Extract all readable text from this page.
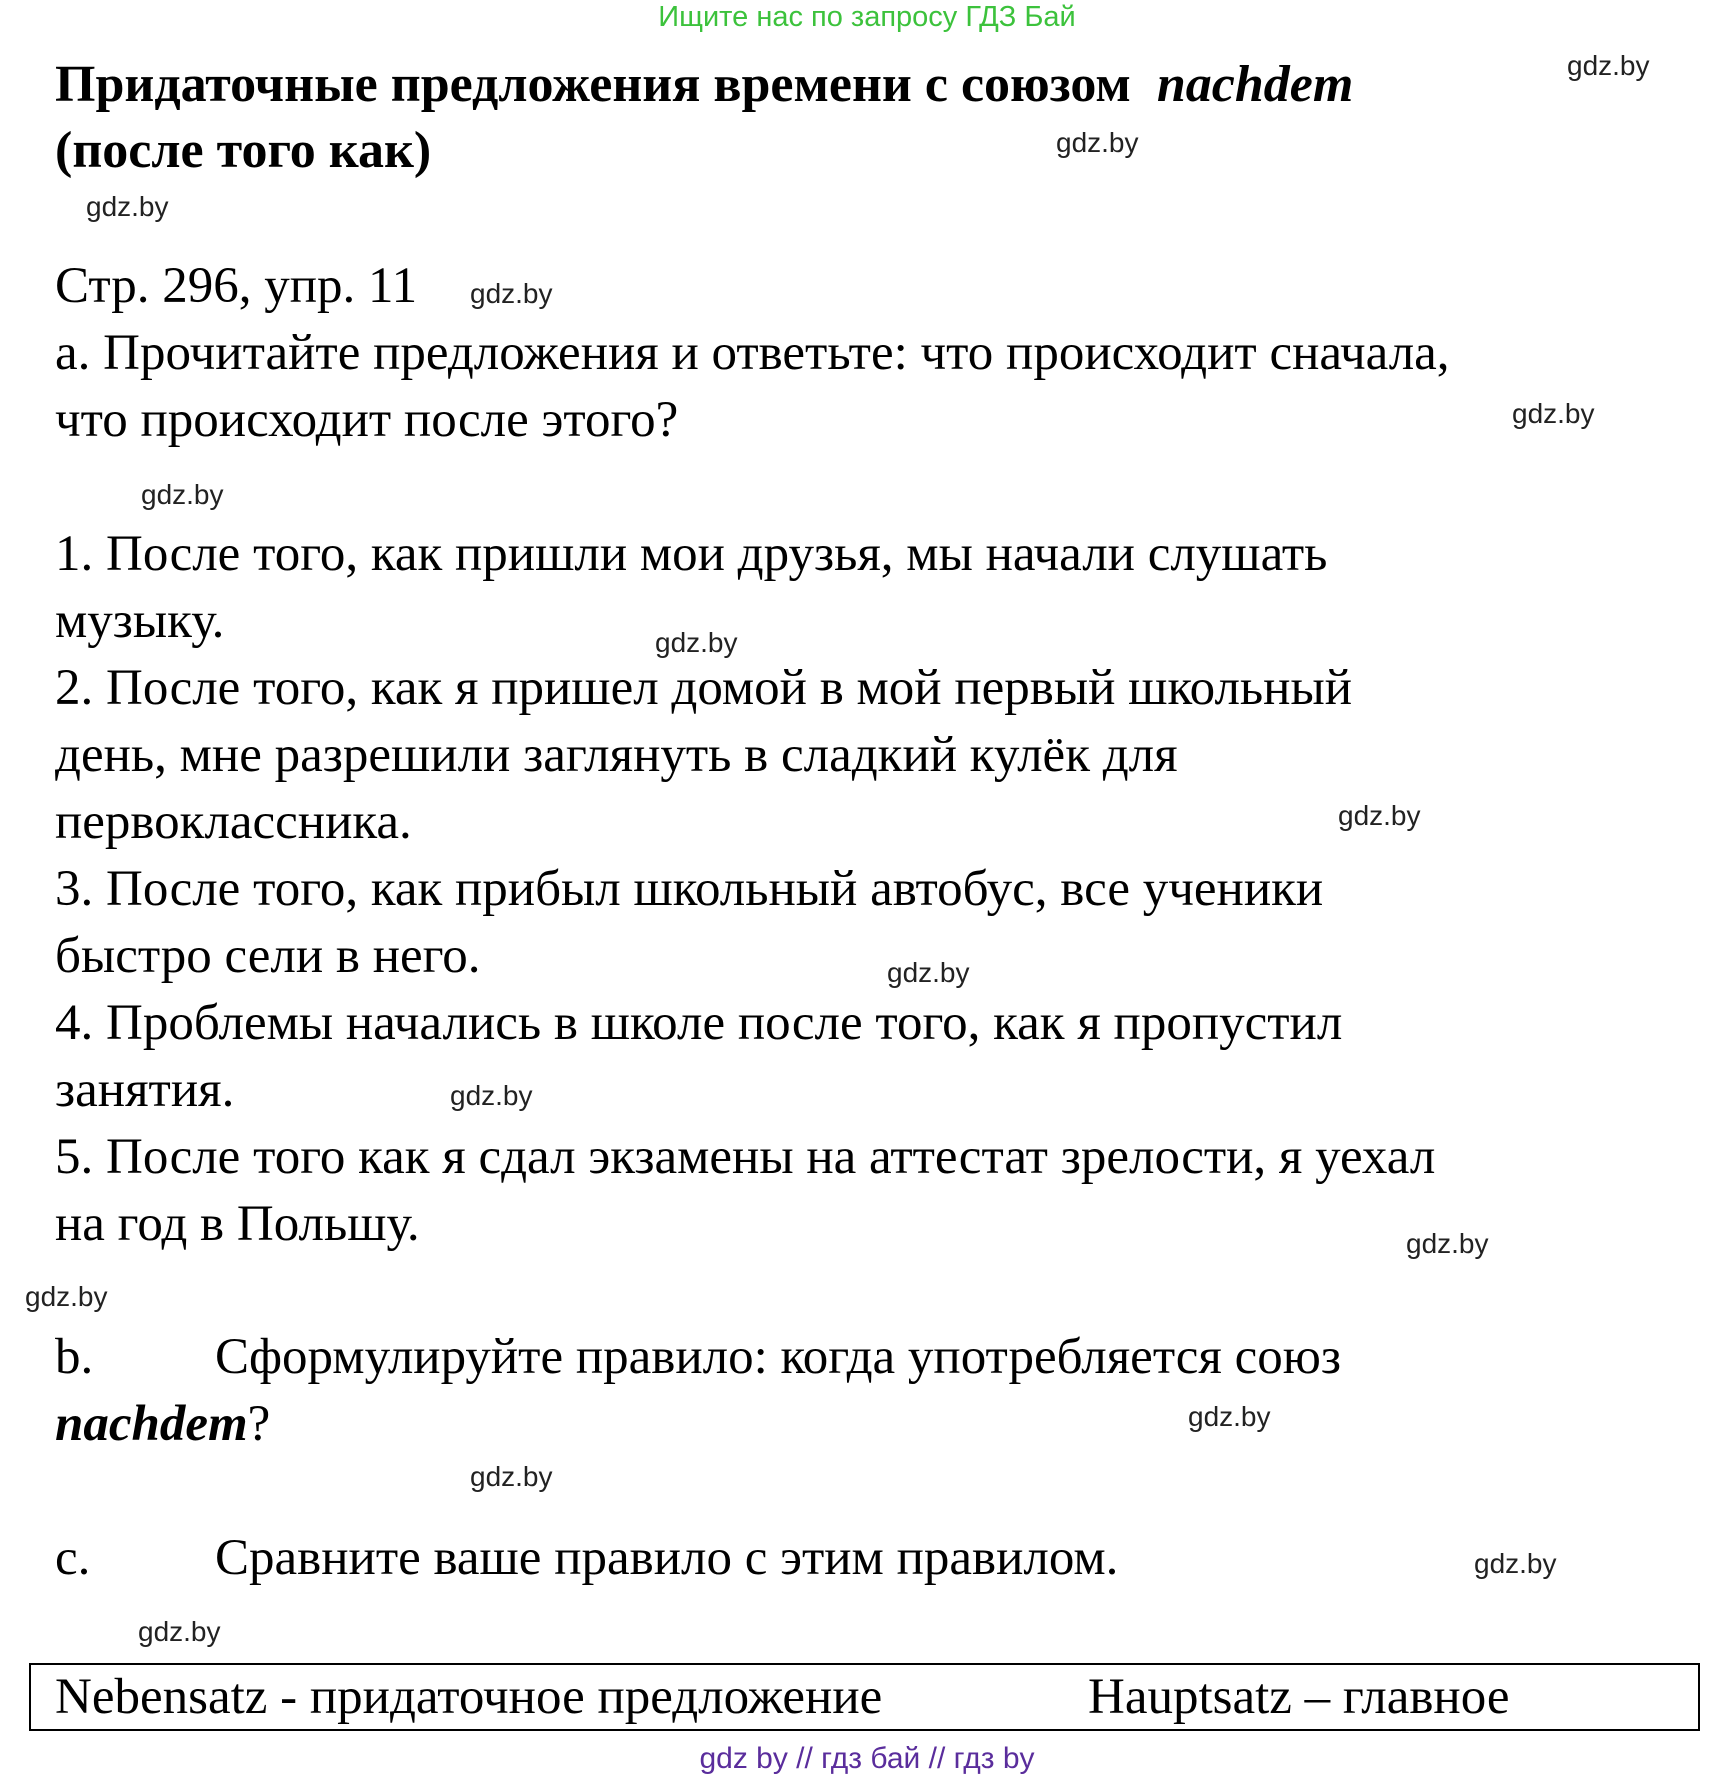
Ищите нас по запросу ГДЗ Бай
Придаточные предложения времени с союзом nachdem
(после того как)
gdz.by
gdz.by
gdz.by
gdz.by
gdz.by
gdz.by
gdz.by
gdz.by
gdz.by
gdz.by
gdz.by
gdz.by
gdz.by
gdz.by
gdz.by
gdz.by
Стр. 296, упр. 11
a. Прочитайте предложения и ответьте: что происходит сначала,
что происходит после этого?
1. После того, как пришли мои друзья, мы начали слушать
музыку.
2. После того, как я пришел домой в мой первый школьный
день, мне разрешили заглянуть в сладкий кулёк для
первоклассника.
3. После того, как прибыл школьный автобус, все ученики
быстро сели в него.
4. Проблемы начались в школе после того, как я пропустил
занятия.
5. После того как я сдал экзамены на аттестат зрелости, я уехал
на год в Польшу.
b. Сформулируйте правило: когда употребляется союз
nachdem?
c. Сравните ваше правило с этим правилом.
Nebensatz - придаточное предложение	Hauptsatz – главное
gdz by // гдз бай // гдз by
